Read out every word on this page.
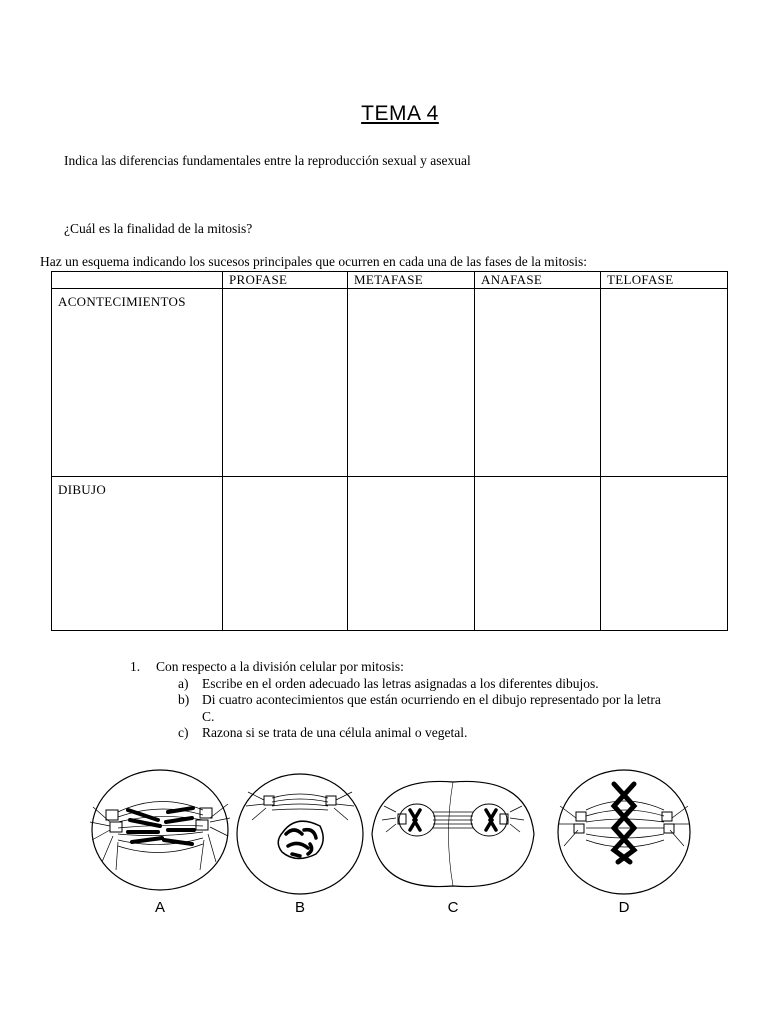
TEMA 4
Indica las diferencias fundamentales entre la reproducción sexual y asexual
¿Cuál es la finalidad de la mitosis?
Haz un esquema indicando los sucesos principales que ocurren en cada una de las fases de la mitosis:
	PROFASE	METAFASE	ANAFASE	TELOFASE
ACONTECIMIENTOS				
DIBUJO				
1. Con respecto a la división celular por mitosis:
a)	Escribe en el orden adecuado las letras asignadas a los diferentes dibujos.
b) Di cuatro acontecimientos que están ocurriendo en el dibujo representado por la letra C.
c)	Razona si se trata de una célula animal o vegetal.
A	B	C	D
